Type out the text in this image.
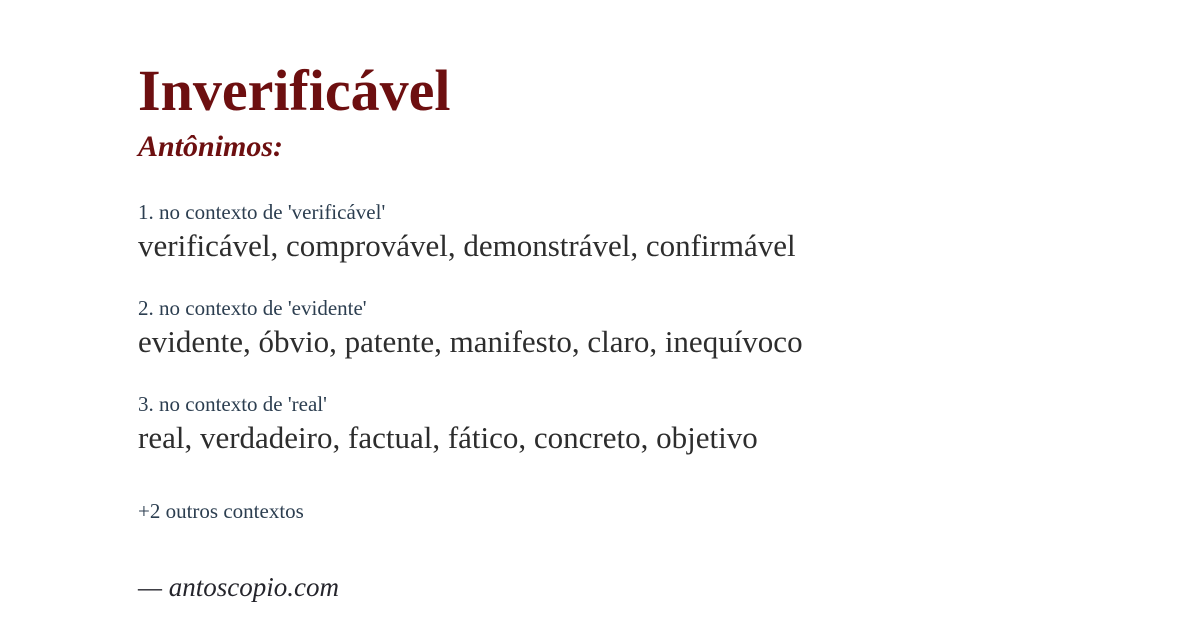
Inverificável
Antônimos:
1. no contexto de 'verificável'
verificável, comprovável, demonstrável, confirmável
2. no contexto de 'evidente'
evidente, óbvio, patente, manifesto, claro, inequívoco
3. no contexto de 'real'
real, verdadeiro, factual, fático, concreto, objetivo
+2 outros contextos
— antoscopio.com
